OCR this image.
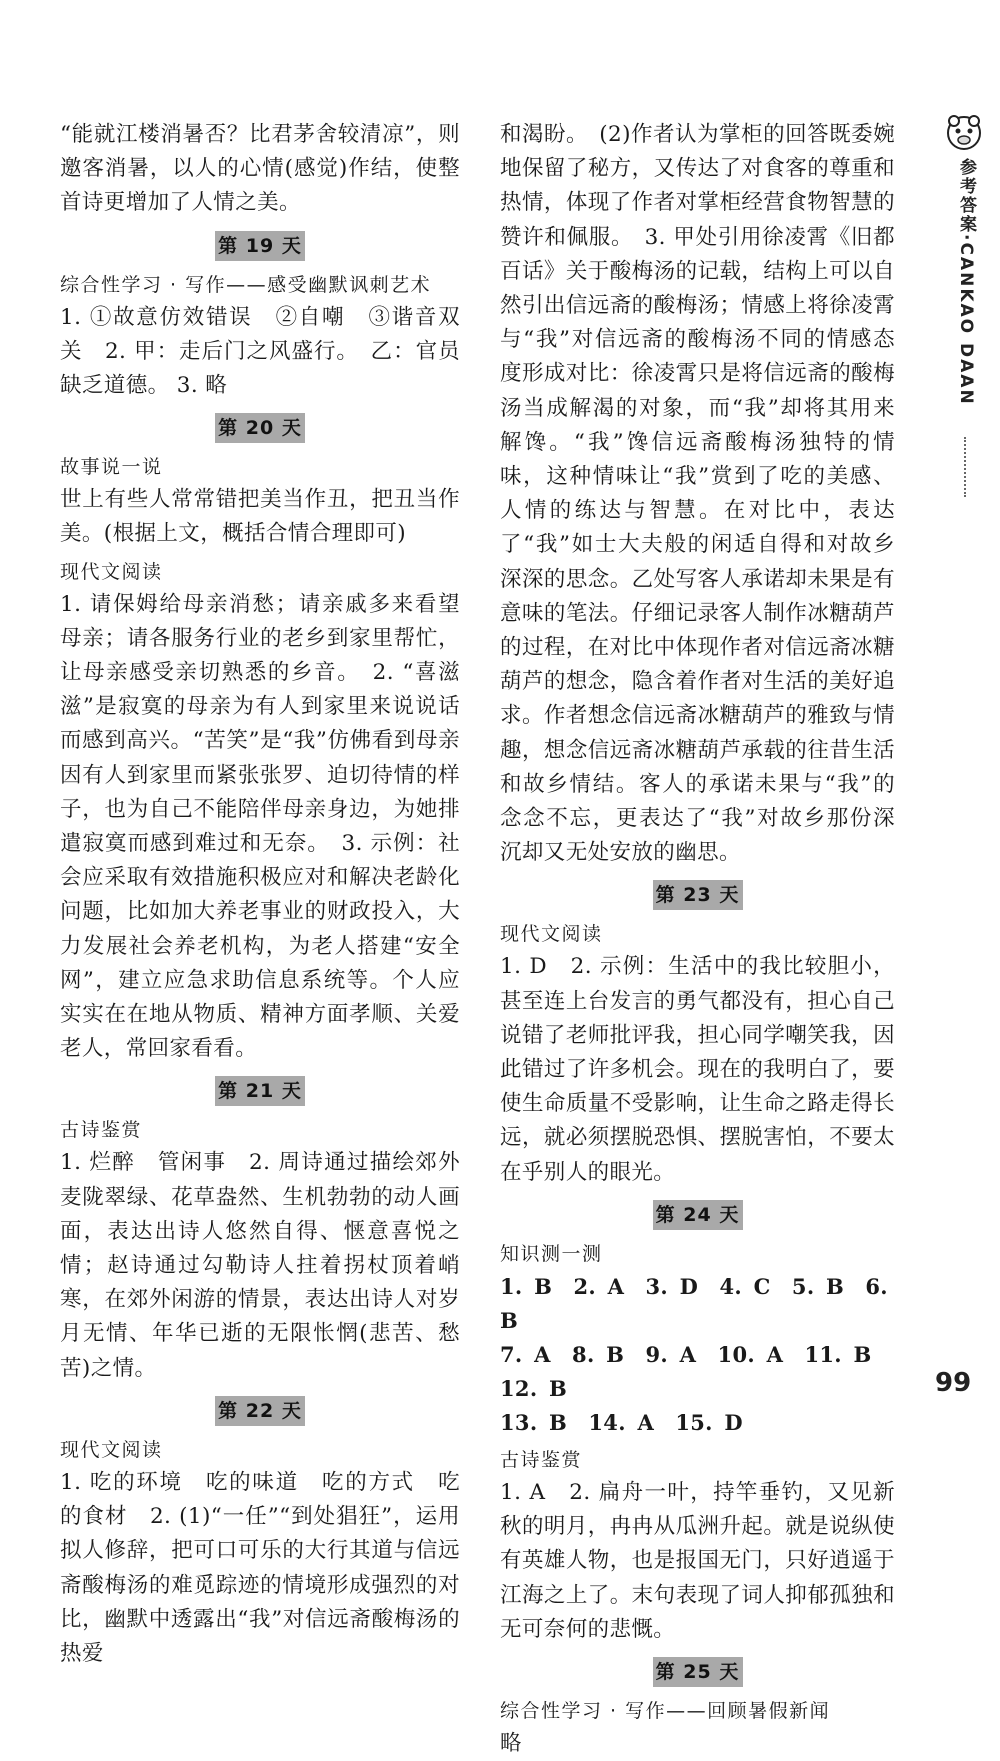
参考答案·CANKAO DAAN

“能就江楼消暑否？比君茅舍较清凉”，则邀客消暑，以人的心情(感觉)作结，使整首诗更增加了人情之美。

第 19 天

综合性学习 · 写作——感受幽默讽刺艺术

1. ①故意仿效错误　②自嘲　③谐音双关　2. 甲：走后门之风盛行。　乙：官员缺乏道德。 3. 略

第 20 天

故事说一说

世上有些人常常错把美当作丑，把丑当作美。(根据上文，概括合情合理即可)

现代文阅读

1. 请保姆给母亲消愁；请亲戚多来看望母亲；请各服务行业的老乡到家里帮忙，让母亲感受亲切熟悉的乡音。　2. “喜滋滋”是寂寞的母亲为有人到家里来说说话而感到高兴。“苦笑”是“我”仿佛看到母亲因有人到家里而紧张张罗、迫切待情的样子，也为自己不能陪伴母亲身边，为她排遣寂寞而感到难过和无奈。　3. 示例：社会应采取有效措施积极应对和解决老龄化问题，比如加大养老事业的财政投入，大力发展社会养老机构，为老人搭建“安全网”，建立应急求助信息系统等。个人应实实在在地从物质、精神方面孝顺、关爱老人，常回家看看。

第 21 天

古诗鉴赏

1. 烂醉　管闲事　2. 周诗通过描绘郊外麦陇翠绿、花草盎然、生机勃勃的动人画面，表达出诗人悠然自得、惬意喜悦之情；赵诗通过勾勒诗人拄着拐杖顶着峭寒，在郊外闲游的情景，表达出诗人对岁月无情、年华已逝的无限怅惘(悲苦、愁苦)之情。

第 22 天

现代文阅读

1. 吃的环境　吃的味道　吃的方式　吃的食材　2. (1)“一任”“到处猖狂”，运用拟人修辞，把可口可乐的大行其道与信远斋酸梅汤的难觅踪迹的情境形成强烈的对比，幽默中透露出“我”对信远斋酸梅汤的热爱

和渴盼。　(2)作者认为掌柜的回答既委婉地保留了秘方，又传达了对食客的尊重和热情，体现了作者对掌柜经营食物智慧的赞许和佩服。　3. 甲处引用徐凌霄《旧都百话》关于酸梅汤的记载，结构上可以自然引出信远斋的酸梅汤；情感上将徐凌霄与“我”对信远斋的酸梅汤不同的情感态度形成对比：徐凌霄只是将信远斋的酸梅汤当成解渴的对象，而“我”却将其用来解馋。“我”馋信远斋酸梅汤独特的情味，这种情味让“我”赏到了吃的美感、人情的练达与智慧。在对比中，表达了“我”如士大夫般的闲适自得和对故乡深深的思念。乙处写客人承诺却未果是有意味的笔法。仔细记录客人制作冰糖葫芦的过程，在对比中体现作者对信远斋冰糖葫芦的想念，隐含着作者对生活的美好追求。作者想念信远斋冰糖葫芦的雅致与情趣，想念信远斋冰糖葫芦承载的往昔生活和故乡情结。客人的承诺未果与“我”的念念不忘，更表达了“我”对故乡那份深沉却又无处安放的幽思。

第 23 天

现代文阅读

1. D　2. 示例：生活中的我比较胆小，甚至连上台发言的勇气都没有，担心自己说错了老师批评我，担心同学嘲笑我，因此错过了许多机会。现在的我明白了，要使生命质量不受影响，让生命之路走得长远，就必须摆脱恐惧、摆脱害怕，不要太在乎别人的眼光。

第 24 天

知识测一测

1. B　2. A　3. D　4. C　5. B　6. B

7. A　8. B　9. A　10. A　11. B　12. B

13. B　14. A　15. D

古诗鉴赏

1. A　2. 扁舟一叶，持竿垂钓，又见新秋的明月，冉冉从瓜洲升起。就是说纵使有英雄人物，也是报国无门，只好逍遥于江海之上了。末句表现了词人抑郁孤独和无可奈何的悲慨。

第 25 天

综合性学习 · 写作——回顾暑假新闻

略

99
